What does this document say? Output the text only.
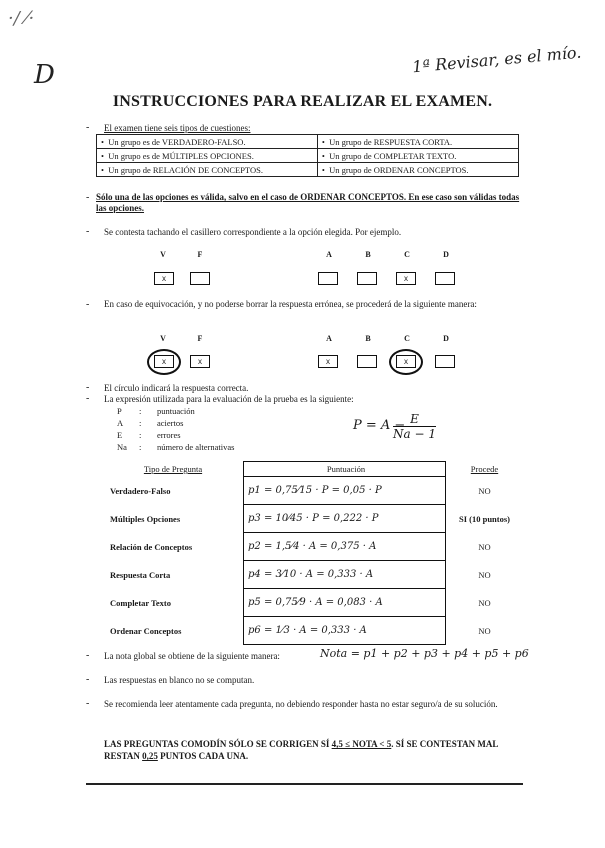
·/ ⁄·
D	1ª Revisar, es el mío.
INSTRUCCIONES PARA REALIZAR EL EXAMEN.
- El examen tiene seis tipos de cuestiones:
• Un grupo es de VERDADERO-FALSO.	• Un grupo de RESPUESTA CORTA.
• Un grupo es de MÚLTIPLES OPCIONES.	• Un grupo de COMPLETAR TEXTO.
• Un grupo de RELACIÓN DE CONCEPTOS.	• Un grupo de ORDENAR CONCEPTOS.
- Sólo una de las opciones es válida, salvo en el caso de ORDENAR CONCEPTOS. En ese caso son válidas todas las opciones.
- Se contesta tachando el casillero correspondiente a la opción elegida. Por ejemplo.
V	F	A	B	C	D
x	x
- En caso de equivocación, y no poderse borrar la respuesta errónea, se procederá de la siguiente manera:
V	F	A	B	C	D
x	x	x	x
- El círculo indicará la respuesta correcta.
- La expresión utilizada para la evaluación de la prueba es la siguiente:
P : puntuación
A : aciertos
E : errores
Na : número de alternativas
P = A −
$\frac{E}{Na - 1}$
Tipo de Pregunta	Puntuación	Procede
Verdadero-Falso	p1 = 0,75⁄15 · P = 0,05 · P	NO
Múltiples Opciones	p3 = 10⁄45 · P = 0,222 · P	SI (10 puntos)
Relación de Conceptos	p2 = 1,5⁄4 · A = 0,375 · A	NO
Respuesta Corta	p4 = 3⁄10 · A = 0,333 · A	NO
Completar Texto	p5 = 0,75⁄9 · A = 0,083 · A	NO
Ordenar Conceptos	p6 = 1⁄3 · A = 0,333 · A	NO
- La nota global se obtiene de la siguiente manera:	Nota = p1 + p2 + p3 + p4 + p5 + p6
- Las respuestas en blanco no se computan.
- Se recomienda leer atentamente cada pregunta, no debiendo responder hasta no estar seguro/a de su solución.
LAS PREGUNTAS COMODÍN SÓLO SE CORRIGEN SÍ 4,5 ≤ NOTA < 5. SÍ SE CONTESTAN MAL RESTAN 0,25 PUNTOS CADA UNA.
